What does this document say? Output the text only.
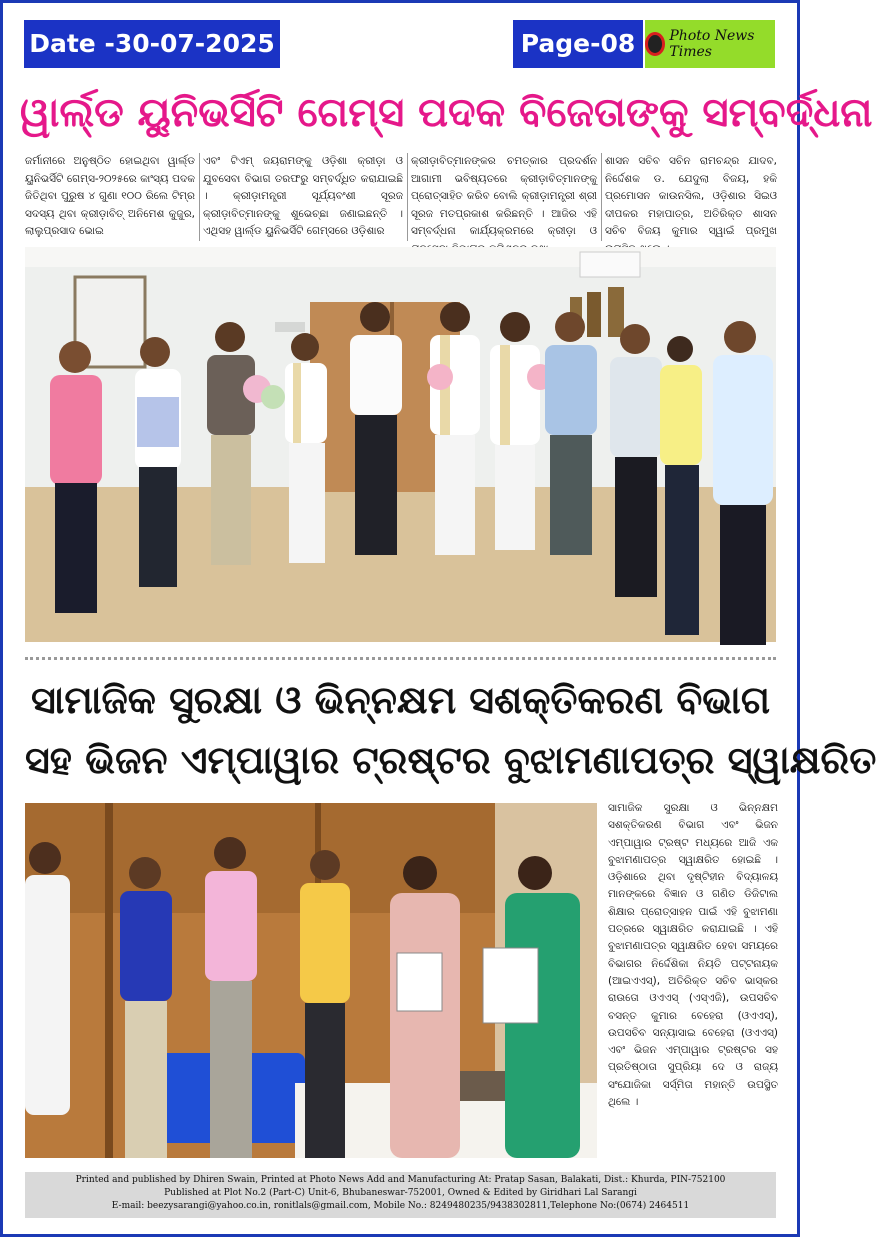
Date -30-07-2025	Page-08	Photo News Times
ୱାର୍ଲ୍ଡ ୟୁନିଭର୍ସିଟି ଗେମ୍ସ ପଦକ ବିଜେତାଙ୍କୁ ସମ୍ବର୍ଦ୍ଧନା
ଜର୍ମାନୀରେ ଅନୁଷ୍ଠିତ ହୋଇଥିବା ୱାର୍ଲ୍ଡ ୟୁନିଭର୍ସିଟି ଗେମ୍ସ-୨୦୨୫ରେ କାଂସ୍ୟ ପଦକ ଜିତିଥିବା ପୁରୁଷ ୪ ଗୁଣା ୧୦୦ ରିଲେ ଟିମ୍‌ର ସଦସ୍ୟ ଥିବା କ୍ରୀଡ଼ାବିତ୍ ଅନିମେଶ କୁଜୁର, ଲାଲୁପ୍ରସାଦ ଭୋଇ
ଏବଂ ଟିଏମ୍ ଜୟରାମଙ୍କୁ ଓଡ଼ିଶା କ୍ରୀଡ଼ା ଓ ଯୁବସେବା ବିଭାଗ ତରଫରୁ ସମ୍ବର୍ଦ୍ଧିତ କରାଯାଇଛି । କ୍ରୀଡ଼ାମନ୍ତ୍ରୀ ସୂର୍ଯ୍ୟବଂଶୀ ସୂରଜ କ୍ରୀଡ଼ାବିତ୍‌ମାନଙ୍କୁ ଶୁଭେଚ୍ଛା ଜଣାଇଛନ୍ତି । ଏଥିସହ ୱାର୍ଲ୍ଡ ୟୁନିଭର୍ସିଟି ଗେମ୍ସରେ ଓଡ଼ିଶାର
କ୍ରୀଡ଼ାବିତ୍‌ମାନଙ୍କର ଚମତ୍କାର ପ୍ରଦର୍ଶନ ଆଗାମୀ ଭବିଷ୍ୟତରେ କ୍ରୀଡ଼ାବିତ୍‌ମାନଙ୍କୁ ପ୍ରୋତ୍ସାହିତ କରିବ ବୋଲି କ୍ରୀଡ଼ାମନ୍ତ୍ରୀ ଶ୍ରୀ ସୂରଜ ମତପ୍ରକାଶ କରିଛନ୍ତି । ଆଜିର ଏହି ସମ୍ବର୍ଦ୍ଧନା କାର୍ଯ୍ୟକ୍ରମରେ କ୍ରୀଡ଼ା ଓ
ଶାସନ ସଚିବ ସଚିନ ରାମଚନ୍ଦ୍ର ଯାଦବ, ନିର୍ଦ୍ଦେଶକ ଡ. ଯେଦୁଲା ବିଜୟ, ହକି ପ୍ରମୋସନ କାଉନସିଲ, ଓଡ଼ିଶାର ସିଇଓ ଦୀପକର ମହାପାତ୍ର, ଅତିରିକ୍ତ ଶାସନ ସଚିବ ବିଜୟ କୁମାର ସ୍ୱାଇଁ ପ୍ରମୁଖ
ସାମାଜିକ ସୁରକ୍ଷା ଓ ଭିନ୍ନକ୍ଷମ ସଶକ୍ତିକରଣ ବିଭାଗ
ସହ ଭିଜନ ଏମ୍ପାୱାର ଟ୍ରଷ୍ଟର ବୁଝାମଣାପତ୍ର ସ୍ୱାକ୍ଷରିତ
ସାମାଜିକ ସୁରକ୍ଷା ଓ ଭିନ୍ନକ୍ଷମ ସଶକ୍ତିକରଣ ବିଭାଗ ଏବଂ ଭିଜନ ଏମ୍ପାୱାର ଟ୍ରଷ୍ଟ ମଧ୍ୟରେ ଆଜି ଏକ ବୁଝାମଣାପତ୍ର ସ୍ୱାକ୍ଷରିତ ହୋଇଛି । ଓଡ଼ିଶାରେ ଥିବା ଦୃଷ୍ଟିହୀନ ବିଦ୍ୟାଳୟ ମାନଙ୍କରେ ବିଜ୍ଞାନ ଓ ଗଣିତ ଡିଜିଟାଲ ଶିକ୍ଷାର ପ୍ରୋତ୍ସାହନ ପାଇଁ ଏହି ବୁଝାମଣା ପତ୍ରରେ ସ୍ୱାକ୍ଷରିତ କରାଯାଇଛି । ଏହି ବୁଝାମଣାପତ୍ର ସ୍ୱାକ୍ଷରିତ ହେବା ସମୟରେ ବିଭାଗର ନିର୍ଦ୍ଦେଶିକା ନିୟତି ପଟ୍ଟନାୟକ (ଆଇଏଏସ୍), ଅତିରିକ୍ତ ସଚିବ ଭାସ୍କର ରାଉତୋ ଓଏଏସ୍ (ଏସ୍‌ଏଜି), ଉପସଚିବ ବସନ୍ତ କୁମାର ବେହେରା (ଓଏଏସ୍), ଉପସଚିବ ସନ୍ୟାସାଇ ବେହେରା (ଓଏଏସ୍) ଏବଂ ଭିଜନ ଏମ୍ପାୱାର ଟ୍ରଷ୍ଟର ସହ ପ୍ରତିଷ୍ଠାତା ସୁପ୍ରିୟା ଦେ ଓ ରାଜ୍ୟ ସଂଯୋଜିକା ସର୍ସ୍ମିତା ମହାନ୍ତି ଉପସ୍ଥିତ ଥିଲେ ।
Printed and published by Dhiren Swain, Printed at Photo News Add and Manufacturing At: Pratap Sasan, Balakati, Dist.: Khurda, PIN-752100
Published at Plot No.2 (Part-C) Unit-6, Bhubaneswar-752001, Owned & Edited by Giridhari Lal Sarangi
E-mail: beezysarangi@yahoo.co.in, ronitlals@gmail.com, Mobile No.: 8249480235/9438302811,Telephone No:(0674) 2464511
